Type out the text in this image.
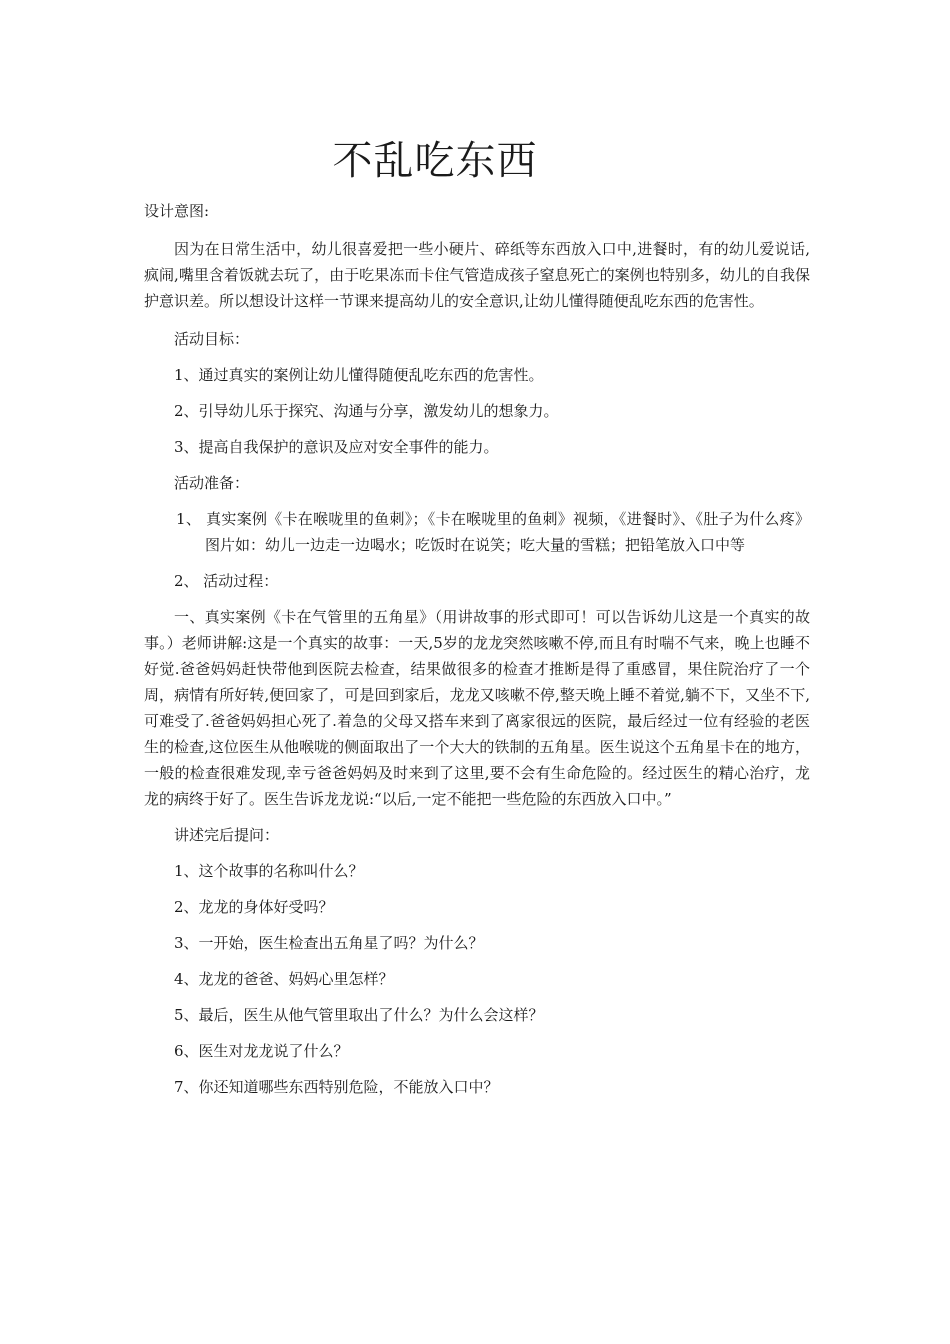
不乱吃东西

设计意图:

因为在日常生活中，幼儿很喜爱把一些小硬片、碎纸等东西放入口中,进餐时，有的幼儿爱说话,疯闹,嘴里含着饭就去玩了，由于吃果冻而卡住气管造成孩子窒息死亡的案例也特别多，幼儿的自我保护意识差。所以想设计这样一节课来提高幼儿的安全意识,让幼儿懂得随便乱吃东西的危害性。

活动目标：

1、通过真实的案例让幼儿懂得随便乱吃东西的危害性。

2、引导幼儿乐于探究、沟通与分享，激发幼儿的想象力。

3、提高自我保护的意识及应对安全事件的能力。

活动准备：

1、 真实案例《卡在喉咙里的鱼刺》；《卡在喉咙里的鱼刺》视频，《进餐时》、《肚子为什么疼》图片如：幼儿一边走一边喝水；吃饭时在说笑；吃大量的雪糕；把铅笔放入口中等

2、 活动过程：

一、真实案例《卡在气管里的五角星》（用讲故事的形式即可！可以告诉幼儿这是一个真实的故事。）老师讲解:这是一个真实的故事：一天,5岁的龙龙突然咳嗽不停,而且有时喘不气来，晚上也睡不好觉.爸爸妈妈赶快带他到医院去检查，结果做很多的检查才推断是得了重感冒，果住院治疗了一个周，病情有所好转,便回家了，可是回到家后，龙龙又咳嗽不停,整天晚上睡不着觉,躺不下，又坐不下,可难受了.爸爸妈妈担心死了.着急的父母又搭车来到了离家很远的医院，最后经过一位有经验的老医生的检查,这位医生从他喉咙的侧面取出了一个大大的铁制的五角星。医生说这个五角星卡在的地方，一般的检查很难发现,幸亏爸爸妈妈及时来到了这里,要不会有生命危险的。经过医生的精心治疗，龙龙的病终于好了。医生告诉龙龙说:“以后,一定不能把一些危险的东西放入口中。”

讲述完后提问：

1、这个故事的名称叫什么？

2、龙龙的身体好受吗？

3、一开始，医生检查出五角星了吗？为什么？

4、龙龙的爸爸、妈妈心里怎样？

5、最后，医生从他气管里取出了什么？为什么会这样？

6、医生对龙龙说了什么？

7、你还知道哪些东西特别危险，不能放入口中？
